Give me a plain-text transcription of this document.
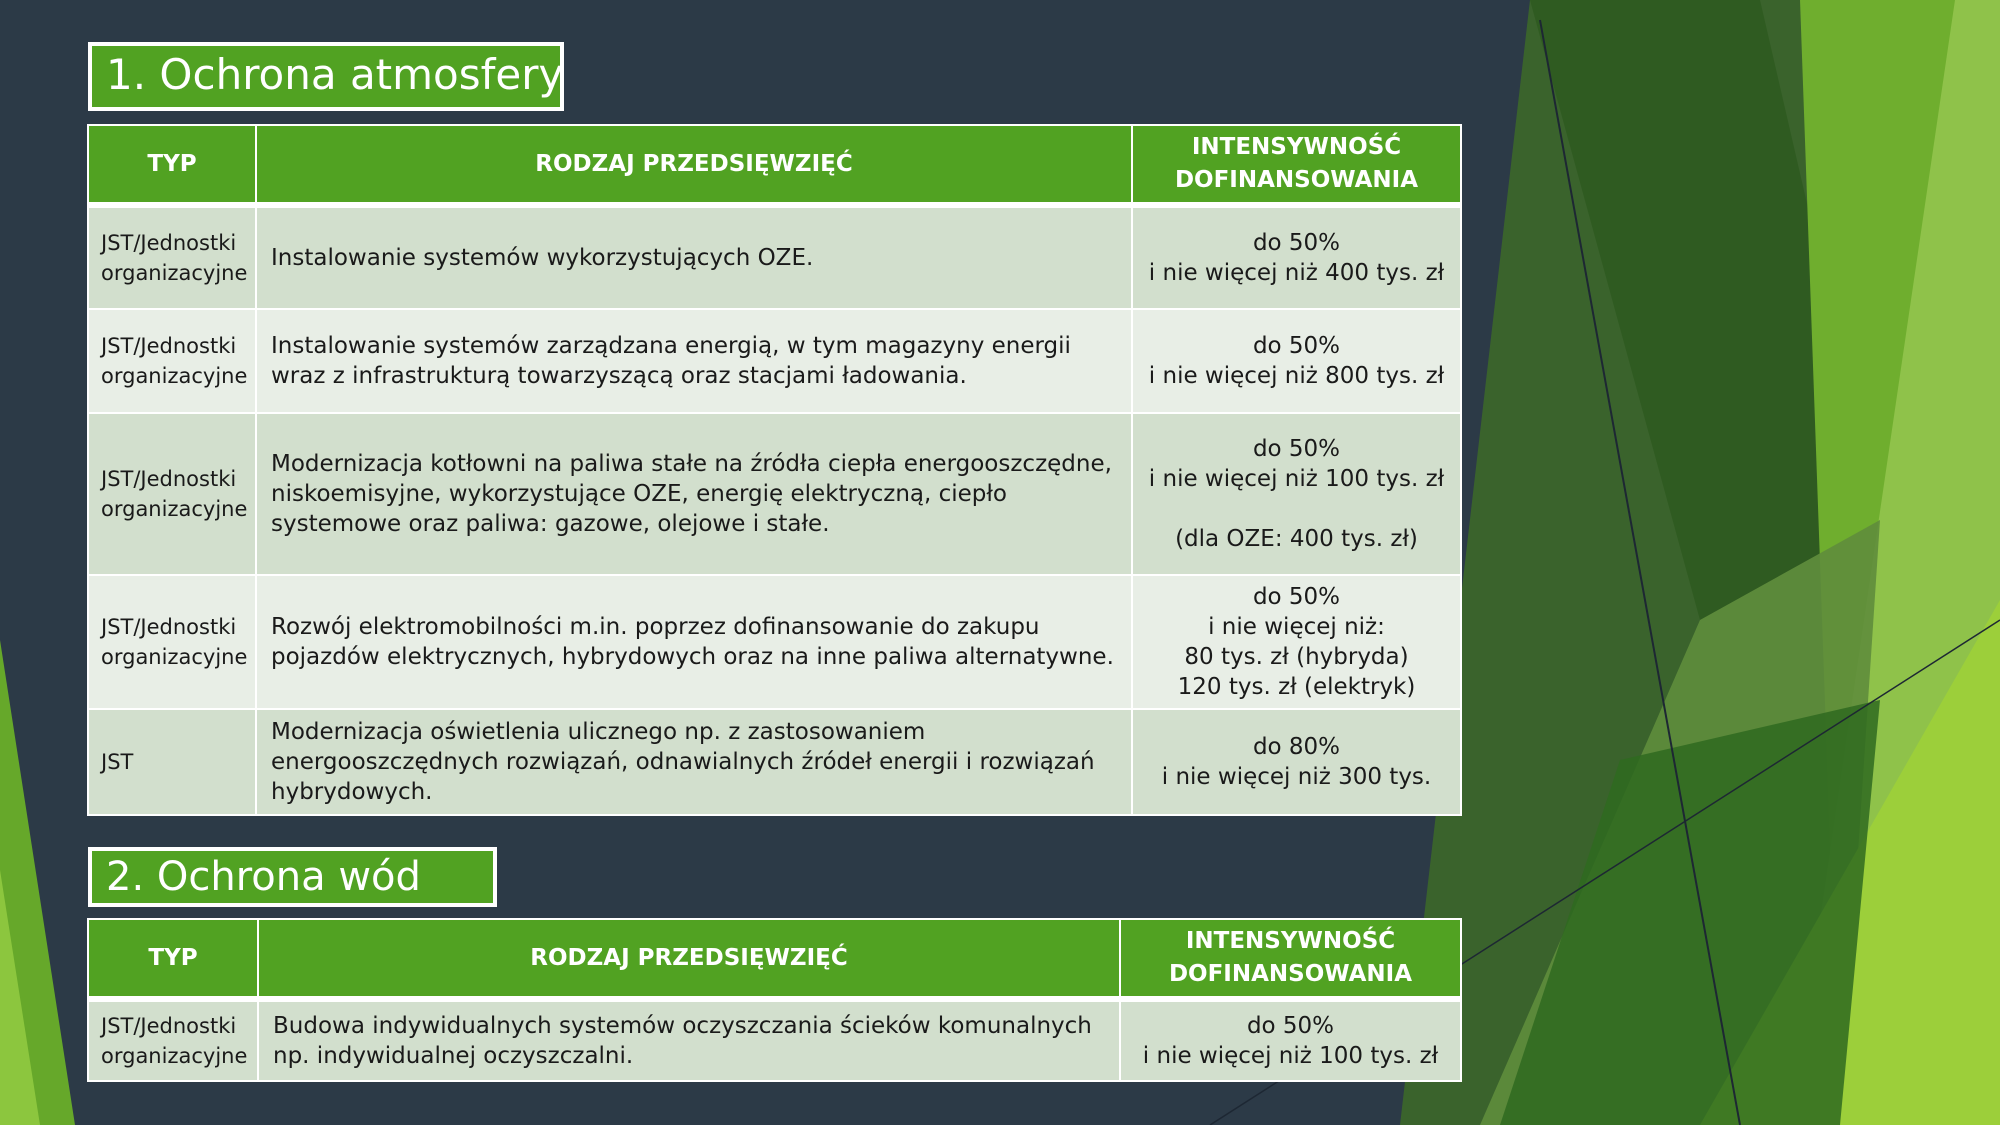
1. Ochrona atmosfery
TYP	RODZAJ PRZEDSIĘWZIĘĆ	INTENSYWNOŚĆ DOFINANSOWANIA
JST/Jednostki organizacyjne	Instalowanie systemów wykorzystujących OZE.	do 50%
i nie więcej niż 400 tys. zł
JST/Jednostki organizacyjne	Instalowanie systemów zarządzana energią, w tym magazyny energii wraz z infrastrukturą towarzyszącą oraz stacjami ładowania.	do 50%
i nie więcej niż 800 tys. zł
JST/Jednostki organizacyjne	Modernizacja kotłowni na paliwa stałe na źródła ciepła energooszczędne, niskoemisyjne, wykorzystujące OZE, energię elektryczną, ciepło systemowe oraz paliwa: gazowe, olejowe i stałe.	do 50%
i nie więcej niż 100 tys. zł
(dla OZE: 400 tys. zł)
JST/Jednostki organizacyjne	Rozwój elektromobilności m.in. poprzez dofinansowanie do zakupu pojazdów elektrycznych, hybrydowych oraz na inne paliwa alternatywne.	do 50%
i nie więcej niż:
80 tys. zł (hybryda)
120 tys. zł (elektryk)
JST	Modernizacja oświetlenia ulicznego np. z zastosowaniem energooszczędnych rozwiązań, odnawialnych źródeł energii i rozwiązań hybrydowych.	do 80%
i nie więcej niż 300 tys.
2. Ochrona wód
TYP	RODZAJ PRZEDSIĘWZIĘĆ	INTENSYWNOŚĆ DOFINANSOWANIA
JST/Jednostki organizacyjne	Budowa indywidualnych systemów oczyszczania ścieków komunalnych np. indywidualnej oczyszczalni.	do 50%
i nie więcej niż 100 tys. zł
